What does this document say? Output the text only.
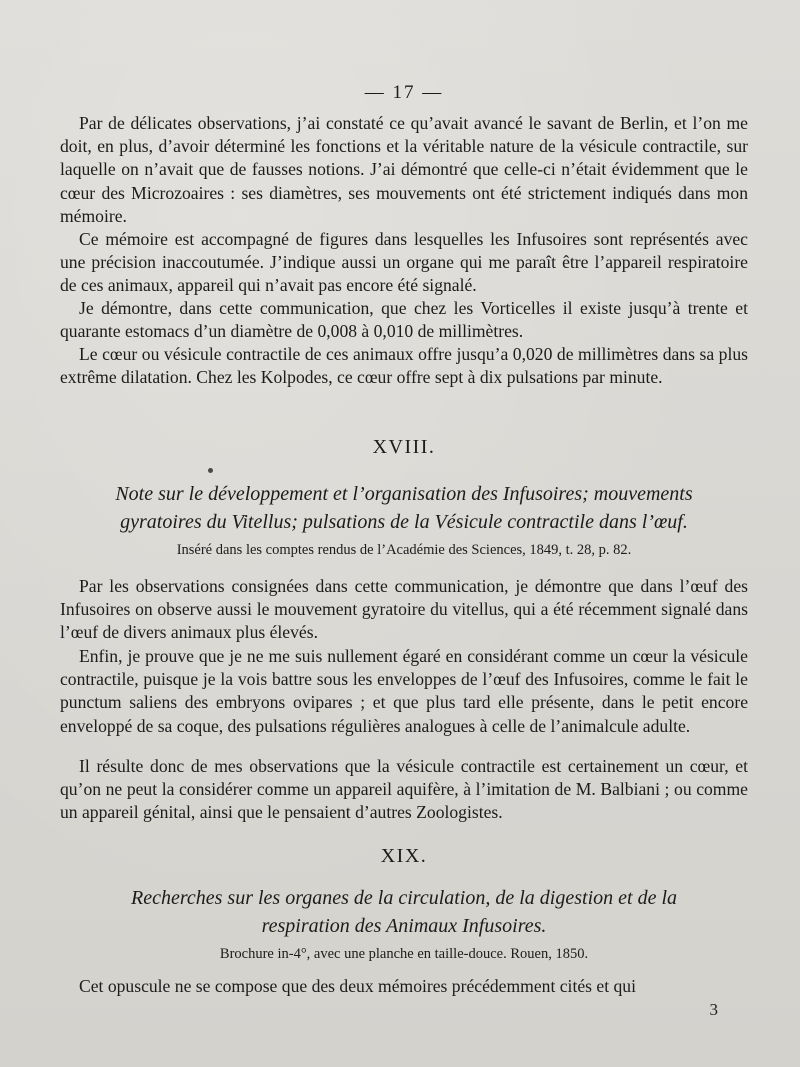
— 17 —

Par de délicates observations, j’ai constaté ce qu’avait avancé le savant de Berlin, et l’on me doit, en plus, d’avoir déterminé les fonctions et la véritable nature de la vésicule contractile, sur laquelle on n’avait que de fausses notions. J’ai démontré que celle-ci n’était évidemment que le cœur des Microzoaires : ses diamètres, ses mouvements ont été strictement indiqués dans mon mémoire.

Ce mémoire est accompagné de figures dans lesquelles les Infusoires sont représentés avec une précision inaccoutumée. J’indique aussi un organe qui me paraît être l’appareil respiratoire de ces animaux, appareil qui n’avait pas encore été signalé.

Je démontre, dans cette communication, que chez les Vorticelles il existe jusqu’à trente et quarante estomacs d’un diamètre de 0,008 à 0,010 de millimètres.

Le cœur ou vésicule contractile de ces animaux offre jusqu’a 0,020 de millimètres dans sa plus extrême dilatation. Chez les Kolpodes, ce cœur offre sept à dix pulsations par minute.

XVIII.

Note sur le développement et l’organisation des Infusoires; mouvements gyratoires du Vitellus; pulsations de la Vésicule contractile dans l’œuf.

Inséré dans les comptes rendus de l’Académie des Sciences, 1849, t. 28, p. 82.

Par les observations consignées dans cette communication, je démontre que dans l’œuf des Infusoires on observe aussi le mouvement gyratoire du vitellus, qui a été récemment signalé dans l’œuf de divers animaux plus élevés.

Enfin, je prouve que je ne me suis nullement égaré en considérant comme un cœur la vésicule contractile, puisque je la vois battre sous les enveloppes de l’œuf des Infusoires, comme le fait le punctum saliens des embryons ovipares ; et que plus tard elle présente, dans le petit encore enveloppé de sa coque, des pulsations régulières analogues à celle de l’animalcule adulte.

Il résulte donc de mes observations que la vésicule contractile est certainement un cœur, et qu’on ne peut la considérer comme un appareil aquifère, à l’imitation de M. Balbiani ; ou comme un appareil génital, ainsi que le pensaient d’autres Zoologistes.

XIX.

Recherches sur les organes de la circulation, de la digestion et de la respiration des Animaux Infusoires.

Brochure in-4°, avec une planche en taille-douce. Rouen, 1850.

Cet opuscule ne se compose que des deux mémoires précédemment cités et qui

3
